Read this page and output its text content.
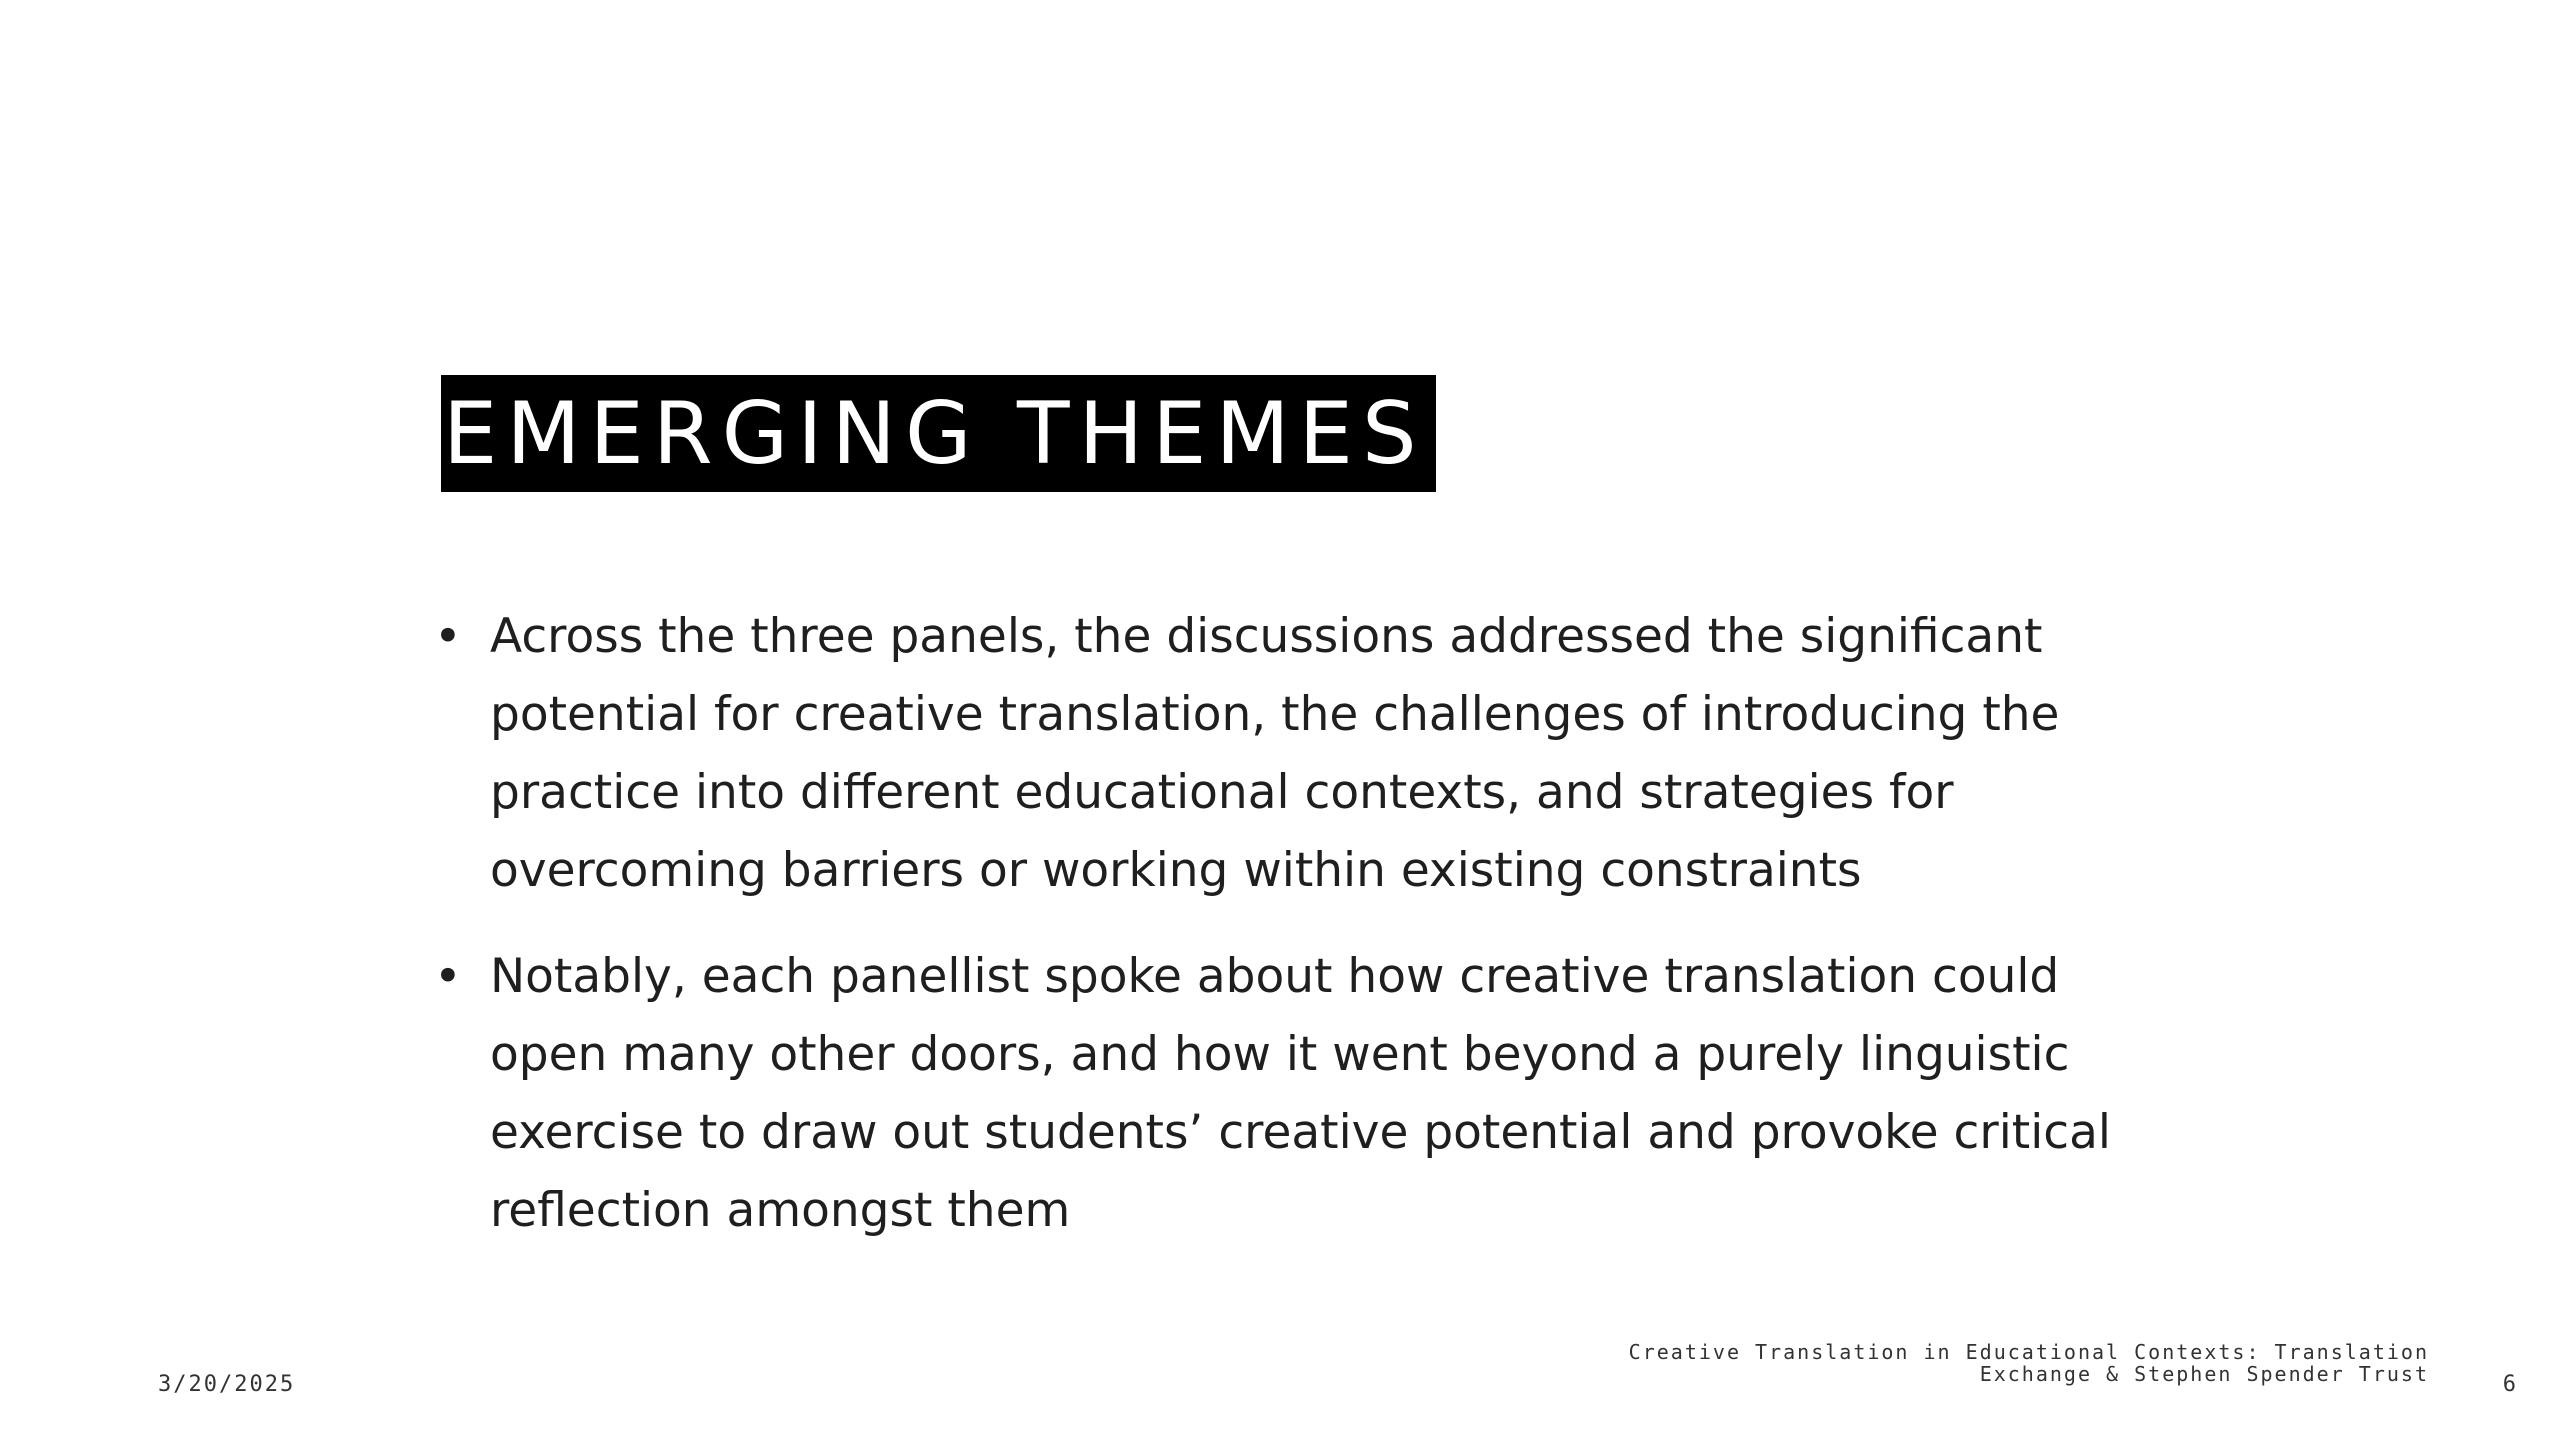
EMERGING THEMES
• Across the three panels, the discussions addressed the significant potential for creative translation, the challenges of introducing the practice into different educational contexts, and strategies for overcoming barriers or working within existing constraints
• Notably, each panellist spoke about how creative translation could open many other doors, and how it went beyond a purely linguistic exercise to draw out students’ creative potential and provoke critical reflection amongst them
3/20/2025
Creative Translation in Educational Contexts: Translation Exchange & Stephen Spender Trust	6
